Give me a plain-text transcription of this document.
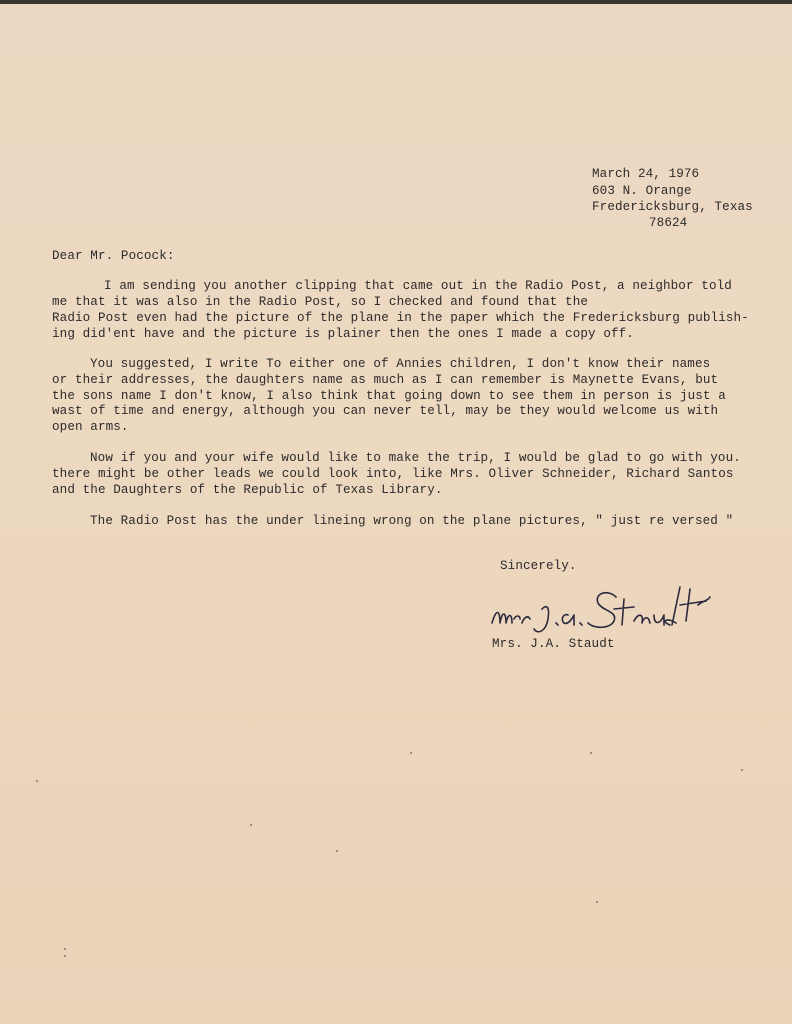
March 24, 1976
603 N. Orange
Fredericksburg, Texas
78624
Dear Mr. Pocock:
I am sending you another clipping that came out in the Radio Post, a neighbor told
me that it was also in the Radio Post, so I checked and found that the
Radio Post even had the picture of the plane in the paper which the Fredericksburg publish-
ing did'ent have and the picture is plainer then the ones I made a copy off.
You suggested, I write To either one of Annies children, I don't know their names
or their addresses, the daughters name as much as I can remember is Maynette Evans, but
the sons name I don't know, I also think that going down to see them in person is just a
wast of time and energy, although you can never tell, may be they would welcome us with
open arms.
Now if you and your wife would like to make the trip, I would be glad to go with you.
there might be other leads we could look into, like Mrs. Oliver Schneider, Richard Santos
and the Daughters of the Republic of Texas Library.
The Radio Post has the under lineing wrong on the plane pictures, " just re versed "
Sincerely.
Mrs J. A. Staudt Mrs. J.A. Staudt
